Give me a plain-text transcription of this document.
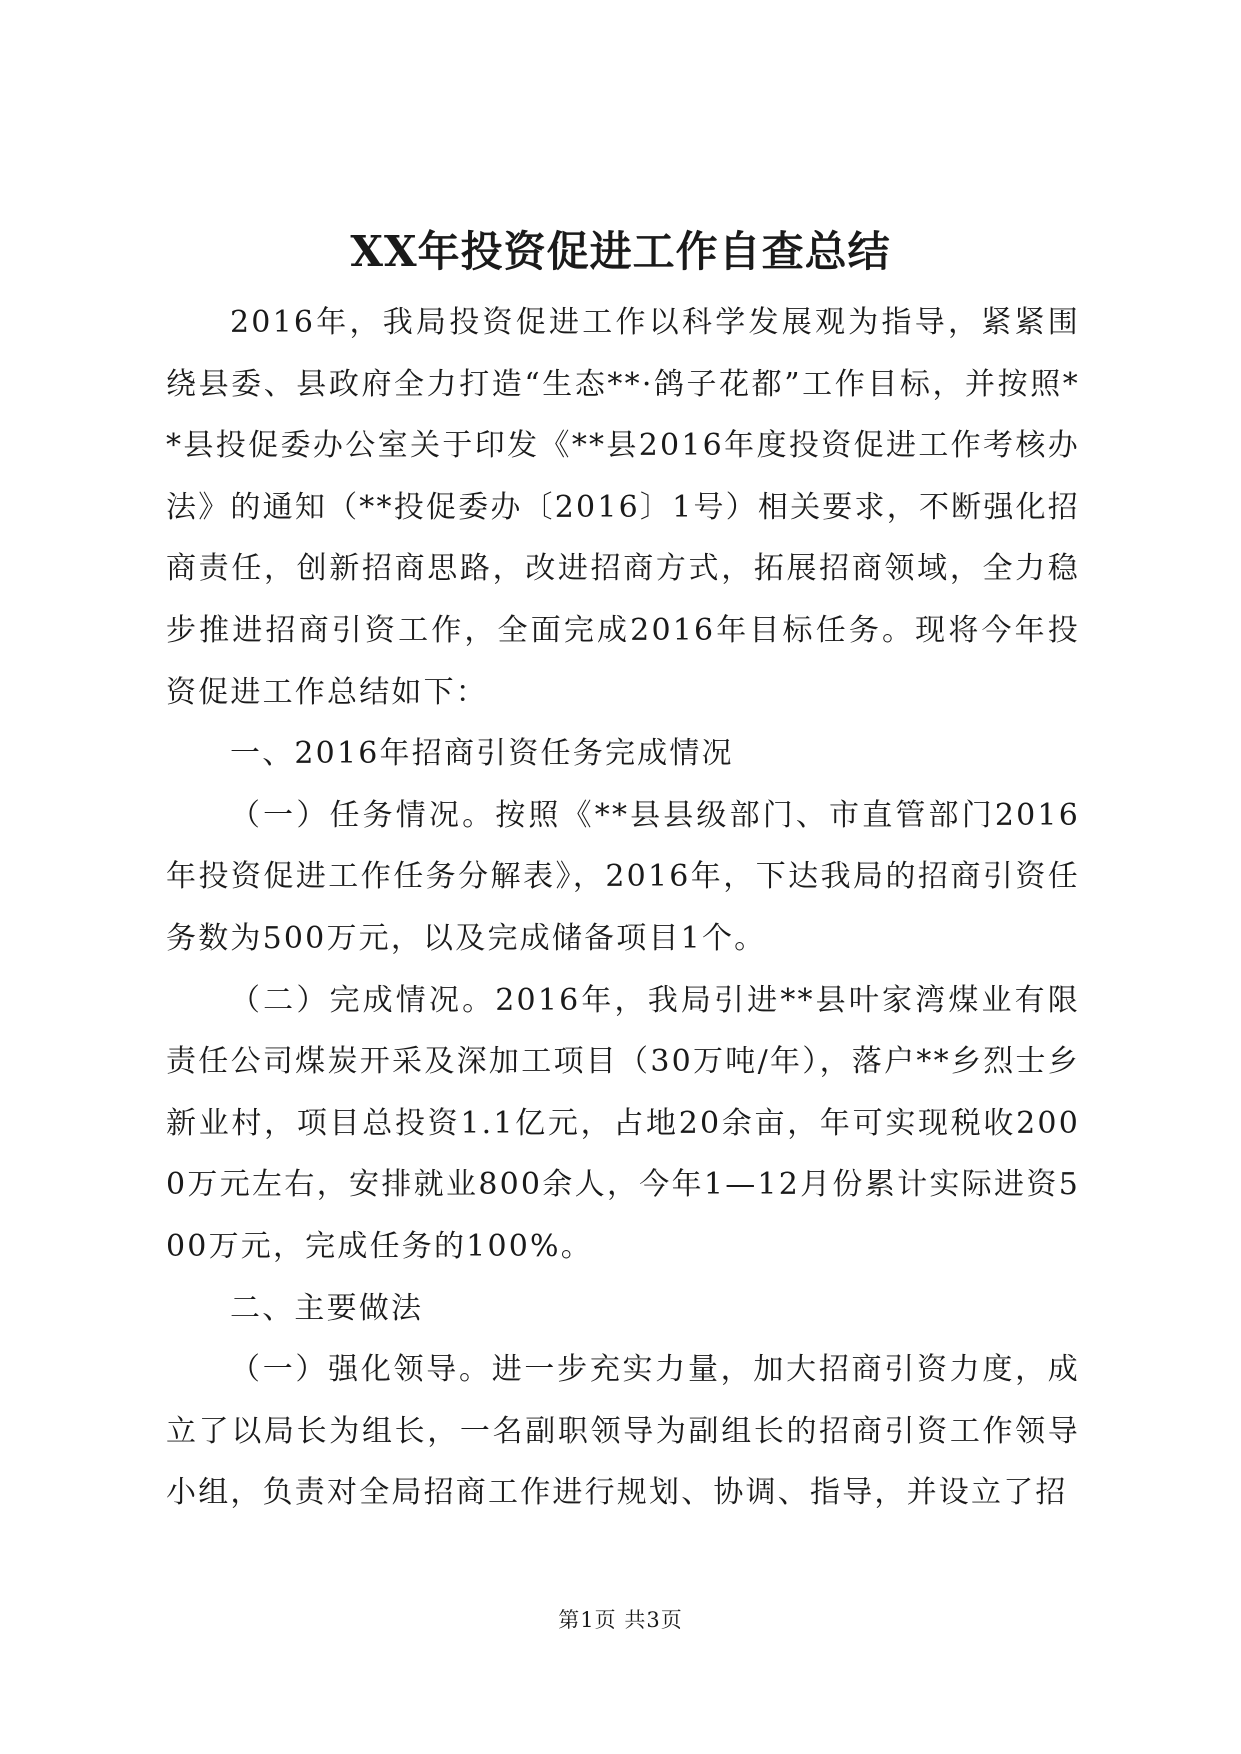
XX年投资促进工作自查总结

2016年，我局投资促进工作以科学发展观为指导，紧紧围绕县委、县政府全力打造“生态**·鸽子花都”工作目标，并按照**县投促委办公室关于印发《**县2016年度投资促进工作考核办法》的通知（**投促委办〔2016〕1号）相关要求，不断强化招商责任，创新招商思路，改进招商方式，拓展招商领域，全力稳步推进招商引资工作，全面完成2016年目标任务。现将今年投资促进工作总结如下：

一、2016年招商引资任务完成情况

（一）任务情况。按照《**县县级部门、市直管部门2016年投资促进工作任务分解表》，2016年，下达我局的招商引资任务数为500万元，以及完成储备项目1个。

（二）完成情况。2016年，我局引进**县叶家湾煤业有限责任公司煤炭开采及深加工项目（30万吨/年），落户**乡烈士乡新业村，项目总投资1.1亿元，占地20余亩，年可实现税收2000万元左右，安排就业800余人，今年1—12月份累计实际进资500万元，完成任务的100%。

二、主要做法

（一）强化领导。进一步充实力量，加大招商引资力度，成立了以局长为组长，一名副职领导为副组长的招商引资工作领导小组，负责对全局招商工作进行规划、协调、指导，并设立了招

第1页 共3页
